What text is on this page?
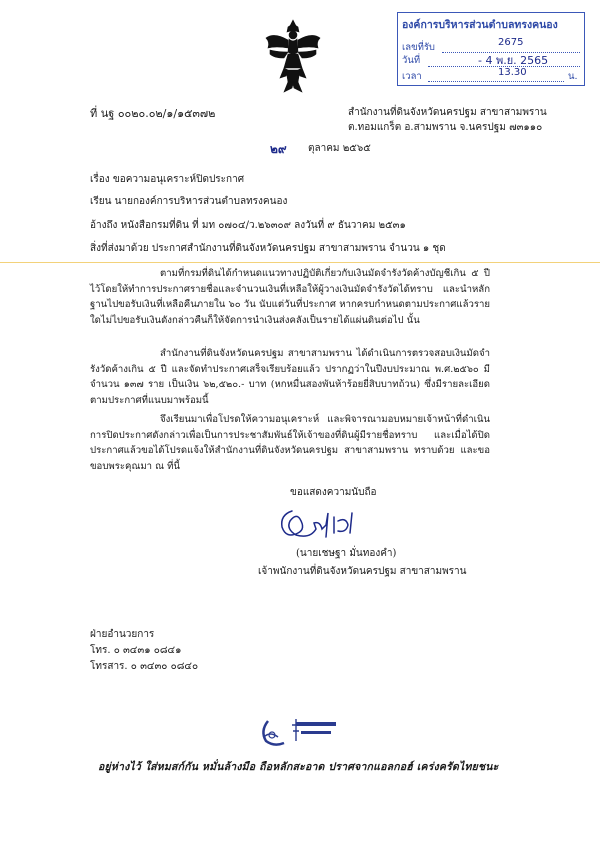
องค์การบริหารส่วนตำบลทรงคนอง
เลขที่รับ	2675
วันที่	- 4 พ.ย. 2565
เวลา	13.30	น.
ที่ นฐ ๐๐๒๐.๐๒/๑/๑๕๓๗๒	สำนักงานที่ดินจังหวัดนครปฐม สาขาสามพราน
ต.ทอมแกร็ต อ.สามพราน จ.นครปฐม ๗๓๑๑๐
๒๙ ตุลาคม ๒๕๖๕
เรื่อง ขอความอนุเคราะห์ปิดประกาศ
เรียน นายกองค์การบริหารส่วนตำบลทรงคนอง
อ้างถึง หนังสือกรมที่ดิน ที่ มท ๐๗๐๔/ว.๒๖๓๐๙ ลงวันที่ ๙ ธันวาคม ๒๕๓๑
สิ่งที่ส่งมาด้วย ประกาศสำนักงานที่ดินจังหวัดนครปฐม สาขาสามพราน จำนวน ๑ ชุด
ตามที่กรมที่ดินได้กำหนดแนวทางปฏิบัติเกี่ยวกับเงินมัดจำรังวัดค้างบัญชีเกิน ๕ ปี ไว้โดยให้ทำการประกาศรายชื่อและจำนวนเงินที่เหลือให้ผู้วางเงินมัดจำรังวัดได้ทราบ และนำหลักฐานไปขอรับเงินที่เหลือคืนภายใน ๖๐ วัน นับแต่วันที่ประกาศ หากครบกำหนดตามประกาศแล้วรายใดไม่ไปขอรับเงินดังกล่าวคืนก็ให้จัดการนำเงินส่งคลังเป็นรายได้แผ่นดินต่อไป นั้น
สำนักงานที่ดินจังหวัดนครปฐม สาขาสามพราน ได้ดำเนินการตรวจสอบเงินมัดจำรังวัดค้างเกิน ๕ ปี และจัดทำประกาศเสร็จเรียบร้อยแล้ว ปรากฏว่าในปีงบประมาณ พ.ศ.๒๕๖๐ มีจำนวน ๑๓๗ ราย เป็นเงิน ๖๒,๕๒๐.- บาท (หกหมื่นสองพันห้าร้อยยี่สิบบาทถ้วน) ซึ่งมีรายละเอียดตามประกาศที่แนบมาพร้อมนี้
จึงเรียนมาเพื่อโปรดให้ความอนุเคราะห์ และพิจารณามอบหมายเจ้าหน้าที่ดำเนินการปิดประกาศดังกล่าวเพื่อเป็นการประชาสัมพันธ์ให้เจ้าของที่ดินผู้มีรายชื่อทราบ และเมื่อได้ปิดประกาศแล้วขอได้โปรดแจ้งให้สำนักงานที่ดินจังหวัดนครปฐม สาขาสามพราน ทราบด้วย และขอขอบพระคุณมา ณ ที่นี้
ขอแสดงความนับถือ
(นายเชษฐา มั่นทองคำ)
เจ้าพนักงานที่ดินจังหวัดนครปฐม สาขาสามพราน
ฝ่ายอำนวยการ
โทร. ๐ ๓๔๓๑ ๐๘๔๑
โทรสาร. ๐ ๓๔๓๐ ๐๘๔๐
อยู่ห่างไว้ ใส่หมสก์กัน หมั่นล้างมือ ถือหลักสะอาด ปราศจากแอลกอฮ์ เคร่งครัดไทยชนะ
